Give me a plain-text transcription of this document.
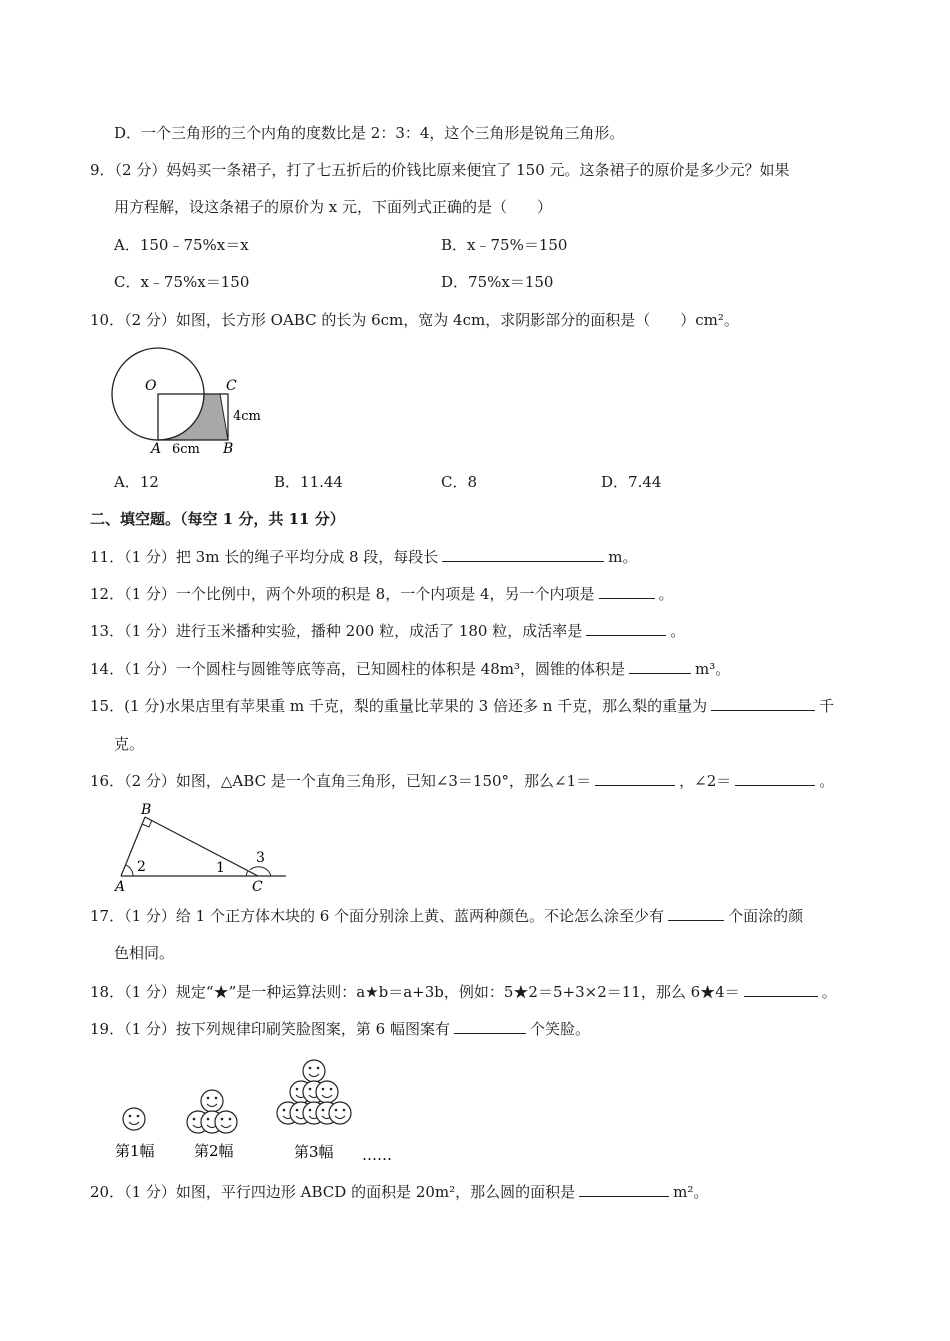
D．一个三角形的三个内角的度数比是 2：3：4，这个三角形是锐角三角形。
9．（2 分）妈妈买一条裙子，打了七五折后的价钱比原来便宜了 150 元。这条裙子的原价是多少元？如果
用方程解，设这条裙子的原价为 x 元，下面列式正确的是（　　）
A．150﹣75%x＝x	B．x﹣75%＝150
C．x﹣75%x＝150	D．75%x＝150
10．（2 分）如图，长方形 OABC 的长为 6cm，宽为 4cm，求阴影部分的面积是（　　）cm²。
O	C
A	B
6cm
4cm
A．12	B．11.44	C．8	D．7.44
二、填空题。（每空 1 分，共 11 分）
11．（1 分）把 3m 长的绳子平均分成 8 段，每段长	m。
12．（1 分）一个比例中，两个外项的积是 8，一个内项是 4，另一个内项是	。
13．（1 分）进行玉米播种实验，播种 200 粒，成活了 180 粒，成活率是	。
14．（1 分）一个圆柱与圆锥等底等高，已知圆柱的体积是 48m³，圆锥的体积是	m³。
15．(1 分)水果店里有苹果重 m 千克，梨的重量比苹果的 3 倍还多 n 千克，那么梨的重量为	千
克。
16．（2 分）如图，△ABC 是一个直角三角形，已知∠3＝150°，那么∠1＝	，∠2＝	。
B
A	C
2	1
3
17．（1 分）给 1 个正方体木块的 6 个面分别涂上黄、蓝两种颜色。不论怎么涂至少有	个面涂的颜
色相同。
18．（1 分）规定“★”是一种运算法则：a★b＝a+3b，例如：5★2＝5+3×2＝11，那么 6★4＝	。
19．（1 分）按下列规律印刷笑脸图案，第 6 幅图案有	个笑脸。
第1幅	第2幅	第3幅 ……
20．（1 分）如图，平行四边形 ABCD 的面积是 20m²，那么圆的面积是	m²。
